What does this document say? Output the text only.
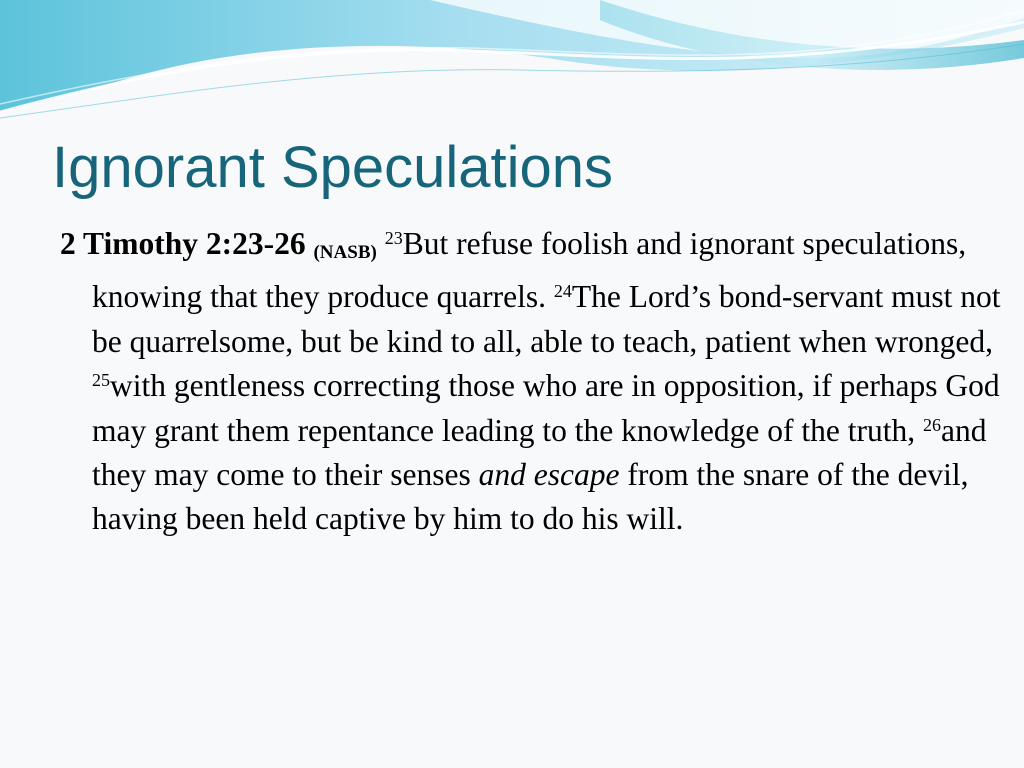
Ignorant Speculations

2 Timothy 2:23-26 (NASB) $^{23}$But refuse foolish and ignorant speculations, knowing that they produce quarrels. $^{24}$The Lord’s bond-servant must not be quarrelsome, but be kind to all, able to teach, patient when wronged, $^{25}$with gentleness correcting those who are in opposition, if perhaps God may grant them repentance leading to the knowledge of the truth, $^{26}$and they may come to their senses and escape from the snare of the devil, having been held captive by him to do his will.
